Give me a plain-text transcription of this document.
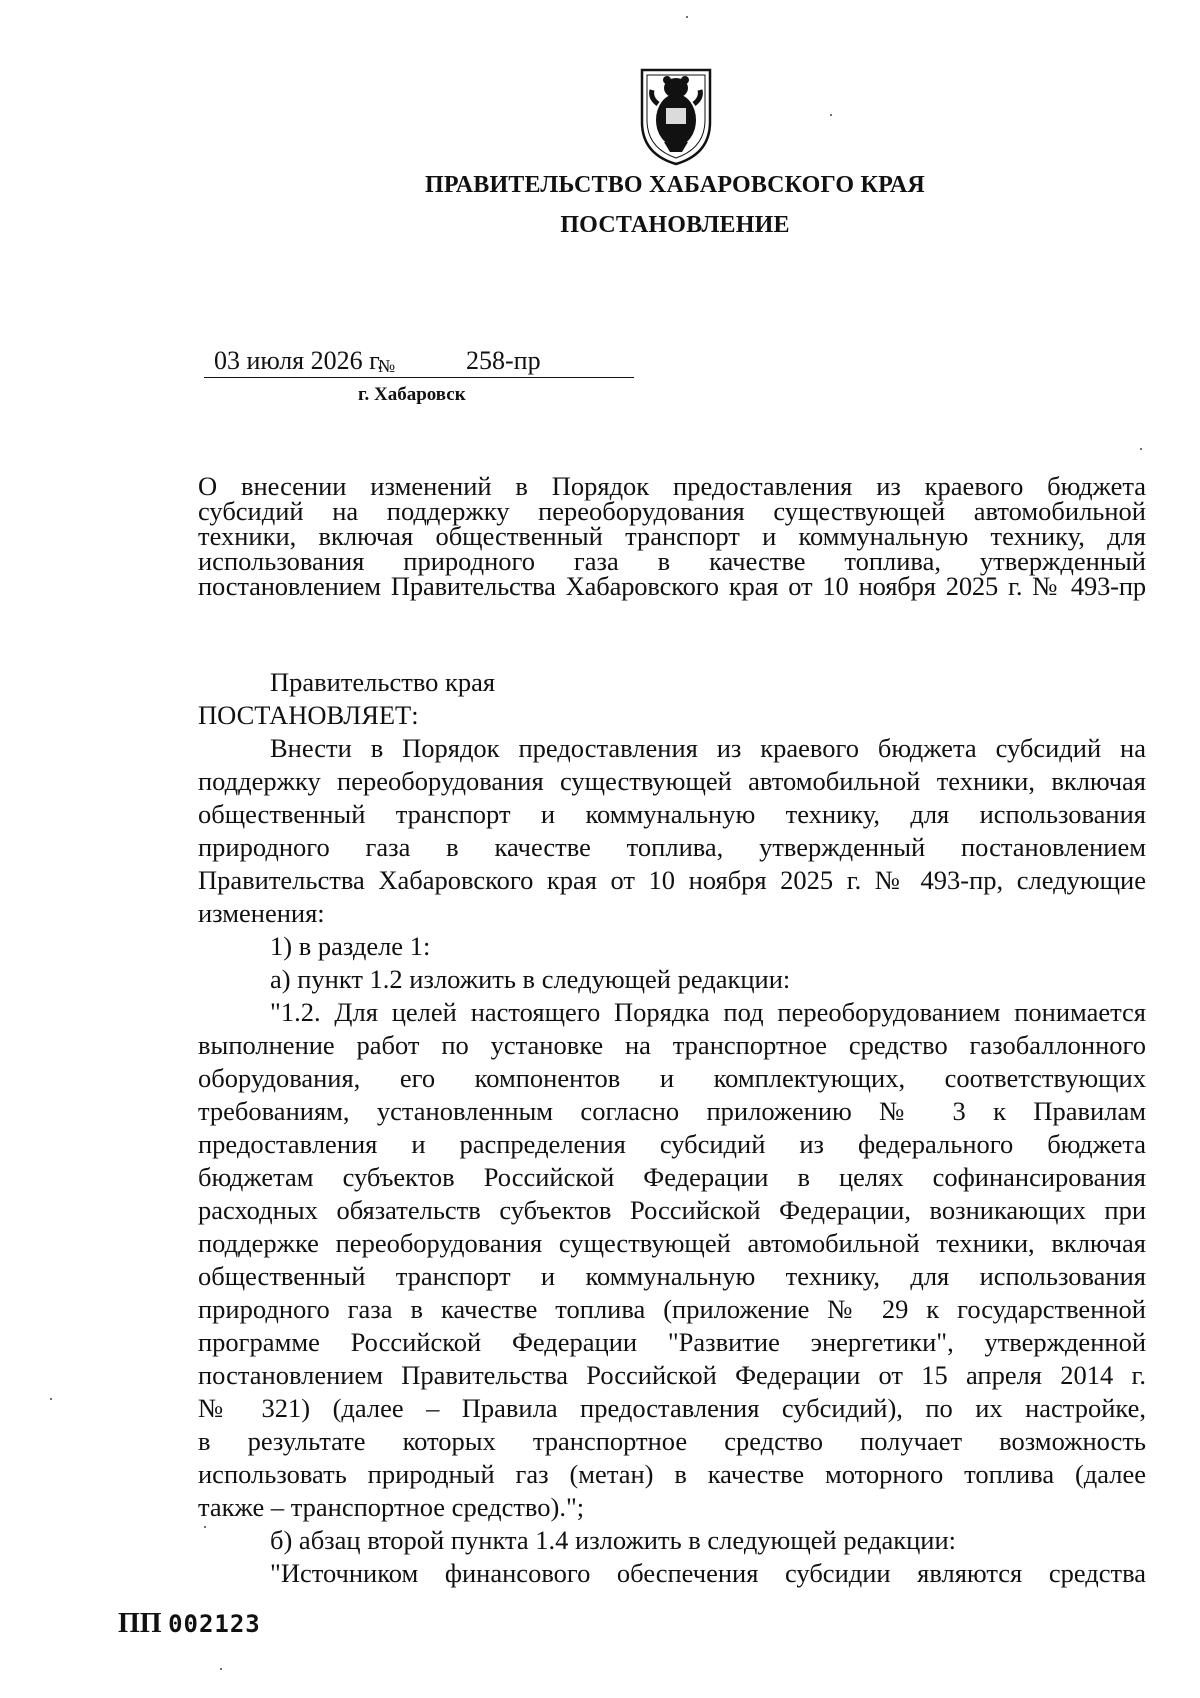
ПРАВИТЕЛЬСТВО ХАБАРОВСКОГО КРАЯ
ПОСТАНОВЛЕНИЕ
03 июля 2026 г.
№	258-пр
г. Хабаровск
О внесении изменений в Порядок предоставления из краевого бюджета
субсидий на поддержку переоборудования существующей автомобильной
техники, включая общественный транспорт и коммунальную технику, для
использования природного газа в качестве топлива, утвержденный
постановлением Правительства Хабаровского края от 10 ноября 2025 г. № 493-пр
Правительство края
ПОСТАНОВЛЯЕТ:
Внести в Порядок предоставления из краевого бюджета субсидий на
поддержку переоборудования существующей автомобильной техники, включая
общественный транспорт и коммунальную технику, для использования
природного газа в качестве топлива, утвержденный постановлением
Правительства Хабаровского края от 10 ноября 2025 г. № 493-пр, следующие
изменения:
1) в разделе 1:
а) пункт 1.2 изложить в следующей редакции:
"1.2. Для целей настоящего Порядка под переоборудованием понимается
выполнение работ по установке на транспортное средство газобаллонного
оборудования, его компонентов и комплектующих, соответствующих
требованиям, установленным согласно приложению № 3 к Правилам
предоставления и распределения субсидий из федерального бюджета
бюджетам субъектов Российской Федерации в целях софинансирования
расходных обязательств субъектов Российской Федерации, возникающих при
поддержке переоборудования существующей автомобильной техники, включая
общественный транспорт и коммунальную технику, для использования
природного газа в качестве топлива (приложение № 29 к государственной
программе Российской Федерации "Развитие энергетики", утвержденной
постановлением Правительства Российской Федерации от 15 апреля 2014 г.
№ 321) (далее – Правила предоставления субсидий), по их настройке,
в результате которых транспортное средство получает возможность
использовать природный газ (метан) в качестве моторного топлива (далее
также – транспортное средство).";
б) абзац второй пункта 1.4 изложить в следующей редакции:
"Источником финансового обеспечения субсидии являются средства
ПП 002123
